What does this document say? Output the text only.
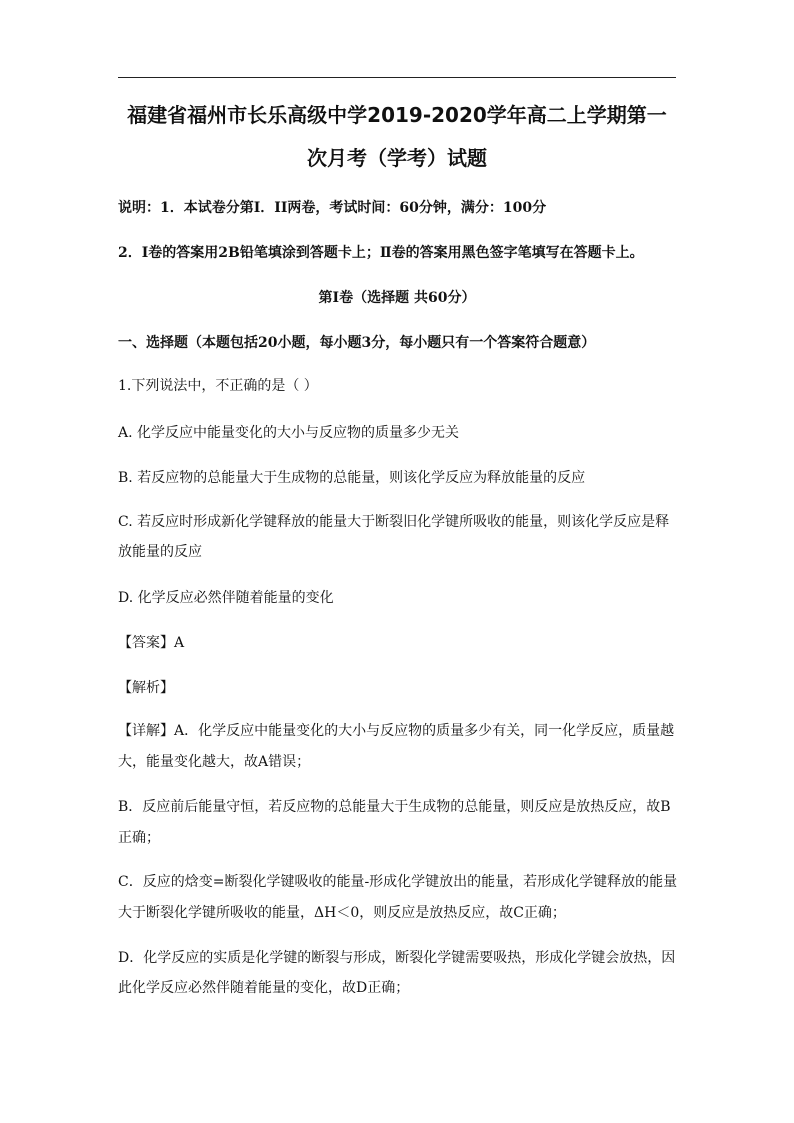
福建省福州市长乐高级中学2019-2020学年高二上学期第一
次月考（学考）试题
说明：1．本试卷分第I．II两卷，考试时间：60分钟，满分：100分
2．Ⅰ卷的答案用2B铅笔填涂到答题卡上；Ⅱ卷的答案用黑色签字笔填写在答题卡上。
第Ⅰ卷（选择题 共60分）
一、选择题（本题包括20小题，每小题3分，每小题只有一个答案符合题意）
1.下列说法中，不正确的是（ ）
A. 化学反应中能量变化的大小与反应物的质量多少无关
B. 若反应物的总能量大于生成物的总能量，则该化学反应为释放能量的反应
C. 若反应时形成新化学键释放的能量大于断裂旧化学键所吸收的能量，则该化学反应是释
放能量的反应
D. 化学反应必然伴随着能量的变化
【答案】A
【解析】
【详解】A．化学反应中能量变化的大小与反应物的质量多少有关，同一化学反应，质量越
大，能量变化越大，故A错误；
B．反应前后能量守恒，若反应物的总能量大于生成物的总能量，则反应是放热反应，故B
正确；
C．反应的焓变=断裂化学键吸收的能量-形成化学键放出的能量，若形成化学键释放的能量
大于断裂化学键所吸收的能量，ΔH＜0，则反应是放热反应，故C正确；
D．化学反应的实质是化学键的断裂与形成，断裂化学键需要吸热，形成化学键会放热，因
此化学反应必然伴随着能量的变化，故D正确；
